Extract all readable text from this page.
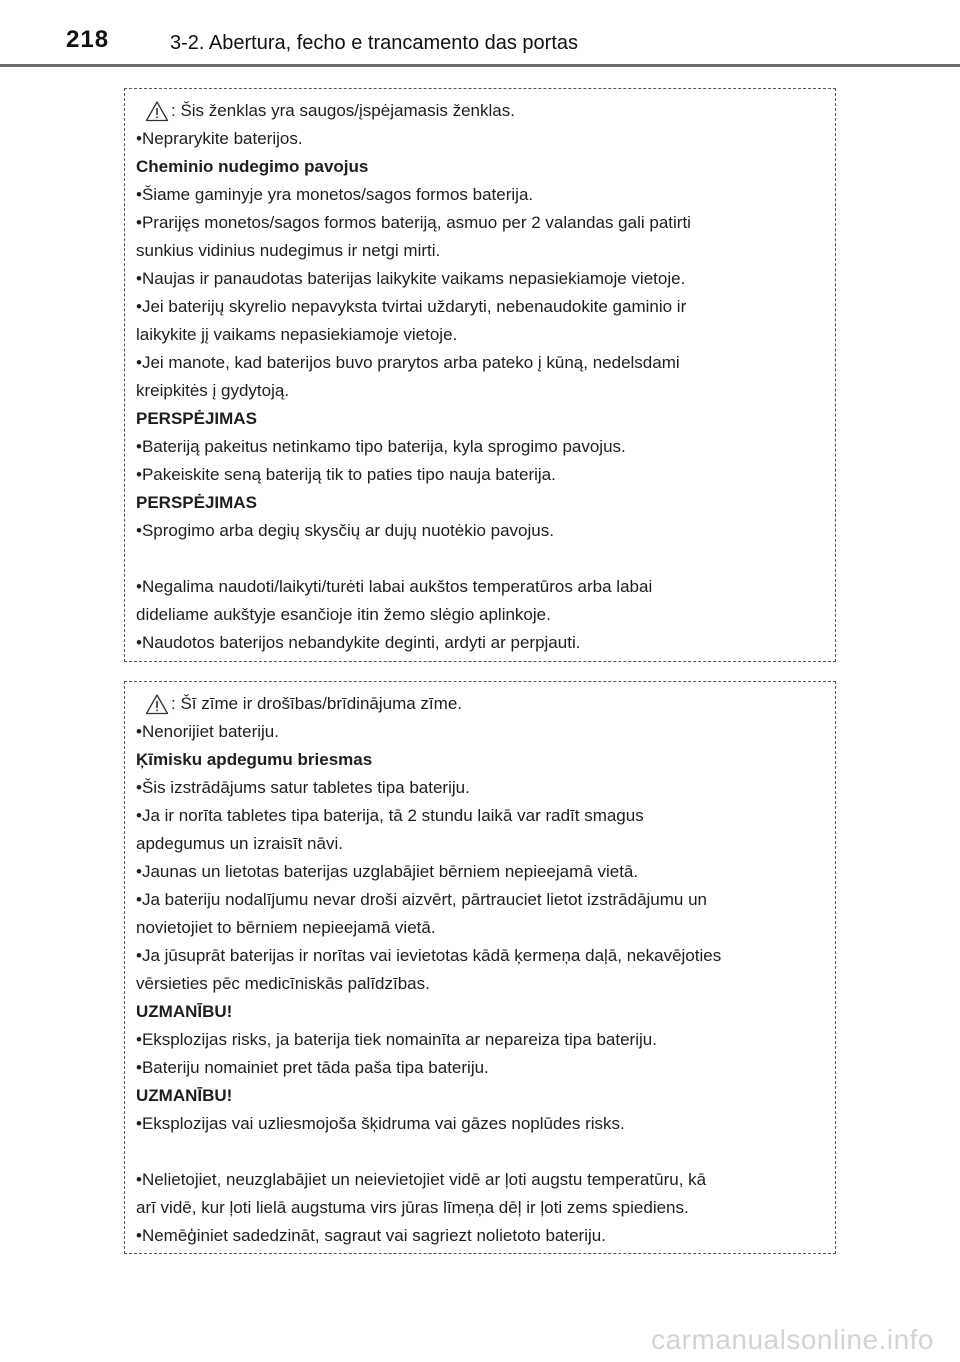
218	3-2. Abertura, fecho e trancamento das portas
: Šis ženklas yra saugos/įspėjamasis ženklas.
•Neprarykite baterijos.
Cheminio nudegimo pavojus
•Šiame gaminyje yra monetos/sagos formos baterija.
•Prarijęs monetos/sagos formos bateriją, asmuo per 2 valandas gali patirti
sunkius vidinius nudegimus ir netgi mirti.
•Naujas ir panaudotas baterijas laikykite vaikams nepasiekiamoje vietoje.
•Jei baterijų skyrelio nepavyksta tvirtai uždaryti, nebenaudokite gaminio ir
laikykite jį vaikams nepasiekiamoje vietoje.
•Jei manote, kad baterijos buvo prarytos arba pateko į kūną, nedelsdami
kreipkitės į gydytoją.
PERSPĖJIMAS
•Bateriją pakeitus netinkamo tipo baterija, kyla sprogimo pavojus.
•Pakeiskite seną bateriją tik to paties tipo nauja baterija.
PERSPĖJIMAS
•Sprogimo arba degių skysčių ar dujų nuotėkio pavojus.
•Negalima naudoti/laikyti/turėti labai aukštos temperatūros arba labai
dideliame aukštyje esančioje itin žemo slėgio aplinkoje.
•Naudotos baterijos nebandykite deginti, ardyti ar perpjauti.
: Šī zīme ir drošības/brīdinājuma zīme.
•Nenorijiet bateriju.
Ķīmisku apdegumu briesmas
•Šis izstrādājums satur tabletes tipa bateriju.
•Ja ir norīta tabletes tipa baterija, tā 2 stundu laikā var radīt smagus
apdegumus un izraisīt nāvi.
•Jaunas un lietotas baterijas uzglabājiet bērniem nepieejamā vietā.
•Ja bateriju nodalījumu nevar droši aizvērt, pārtrauciet lietot izstrādājumu un
novietojiet to bērniem nepieejamā vietā.
•Ja jūsuprāt baterijas ir norītas vai ievietotas kādā ķermeņa daļā, nekavējoties
vērsieties pēc medicīniskās palīdzības.
UZMANĪBU!
•Eksplozijas risks, ja baterija tiek nomainīta ar nepareiza tipa bateriju.
•Bateriju nomainiet pret tāda paša tipa bateriju.
UZMANĪBU!
•Eksplozijas vai uzliesmojoša šķidruma vai gāzes noplūdes risks.
•Nelietojiet, neuzglabājiet un neievietojiet vidē ar ļoti augstu temperatūru, kā
arī vidē, kur ļoti lielā augstuma virs jūras līmeņa dēļ ir ļoti zems spiediens.
•Nemēģiniet sadedzināt, sagraut vai sagriezt nolietoto bateriju.
carmanualsonline.info
